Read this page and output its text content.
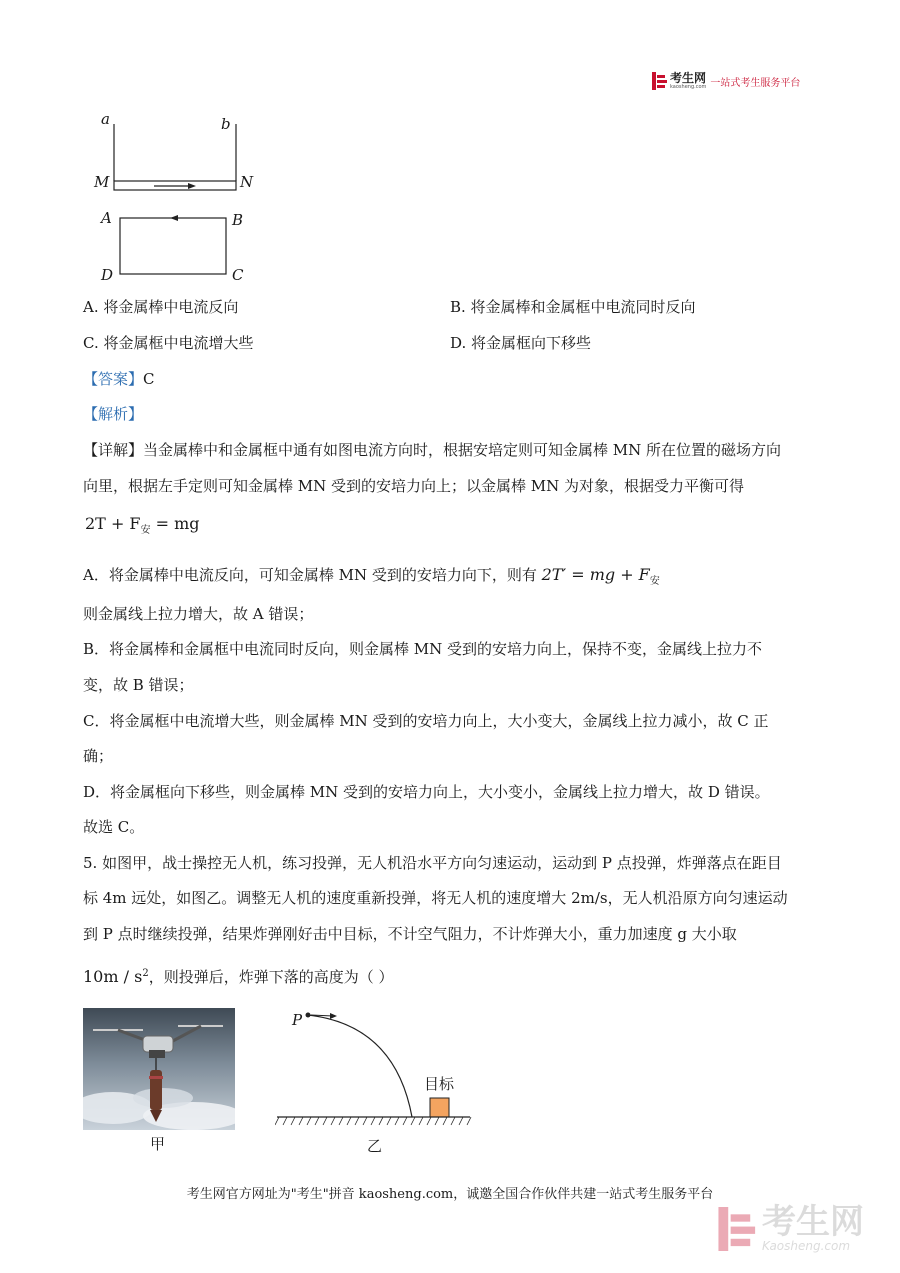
考生网
kaosheng.com 一站式考生服务平台
a	b
M	N
A	B
D	C
A. 将金属棒中电流反向	B. 将金属棒和金属框中电流同时反向
C. 将金属框中电流增大些	D. 将金属框向下移些
【答案】C
【解析】
【详解】当金属棒中和金属框中通有如图电流方向时，根据安培定则可知金属棒 MN 所在位置的磁场方向
向里，根据左手定则可知金属棒 MN 受到的安培力向上；以金属棒 MN 为对象，根据受力平衡可得
$2T + F_安$ = mg
A．将金属棒中电流反向，可知金属棒 MN 受到的安培力向下，则有 2T′ = mg + $F_安$
则金属线上拉力增大，故 A 错误；
B．将金属棒和金属框中电流同时反向，则金属棒 MN 受到的安培力向上，保持不变，金属线上拉力不
变，故 B 错误；
C．将金属框中电流增大些，则金属棒 MN 受到的安培力向上，大小变大，金属线上拉力减小，故 C 正
确；
D．将金属框向下移些，则金属棒 MN 受到的安培力向上，大小变小，金属线上拉力增大，故 D 错误。
故选 C。
5. 如图甲，战士操控无人机，练习投弹，无人机沿水平方向匀速运动，运动到 P 点投弹，炸弹落点在距目
标 4m 远处，如图乙。调整无人机的速度重新投弹，将无人机的速度增大 2m/s，无人机沿原方向匀速运动
到 P 点时继续投弹，结果炸弹刚好击中目标，不计空气阻力，不计炸弹大小，重力加速度 g 大小取
$10m / s^2$，则投弹后，炸弹下落的高度为（ ）
甲
P
目标
乙
考生网官方网址为"考生"拼音 kaosheng.com，诚邀全国合作伙伴共建一站式考生服务平台
考生网
Kaosheng.com
